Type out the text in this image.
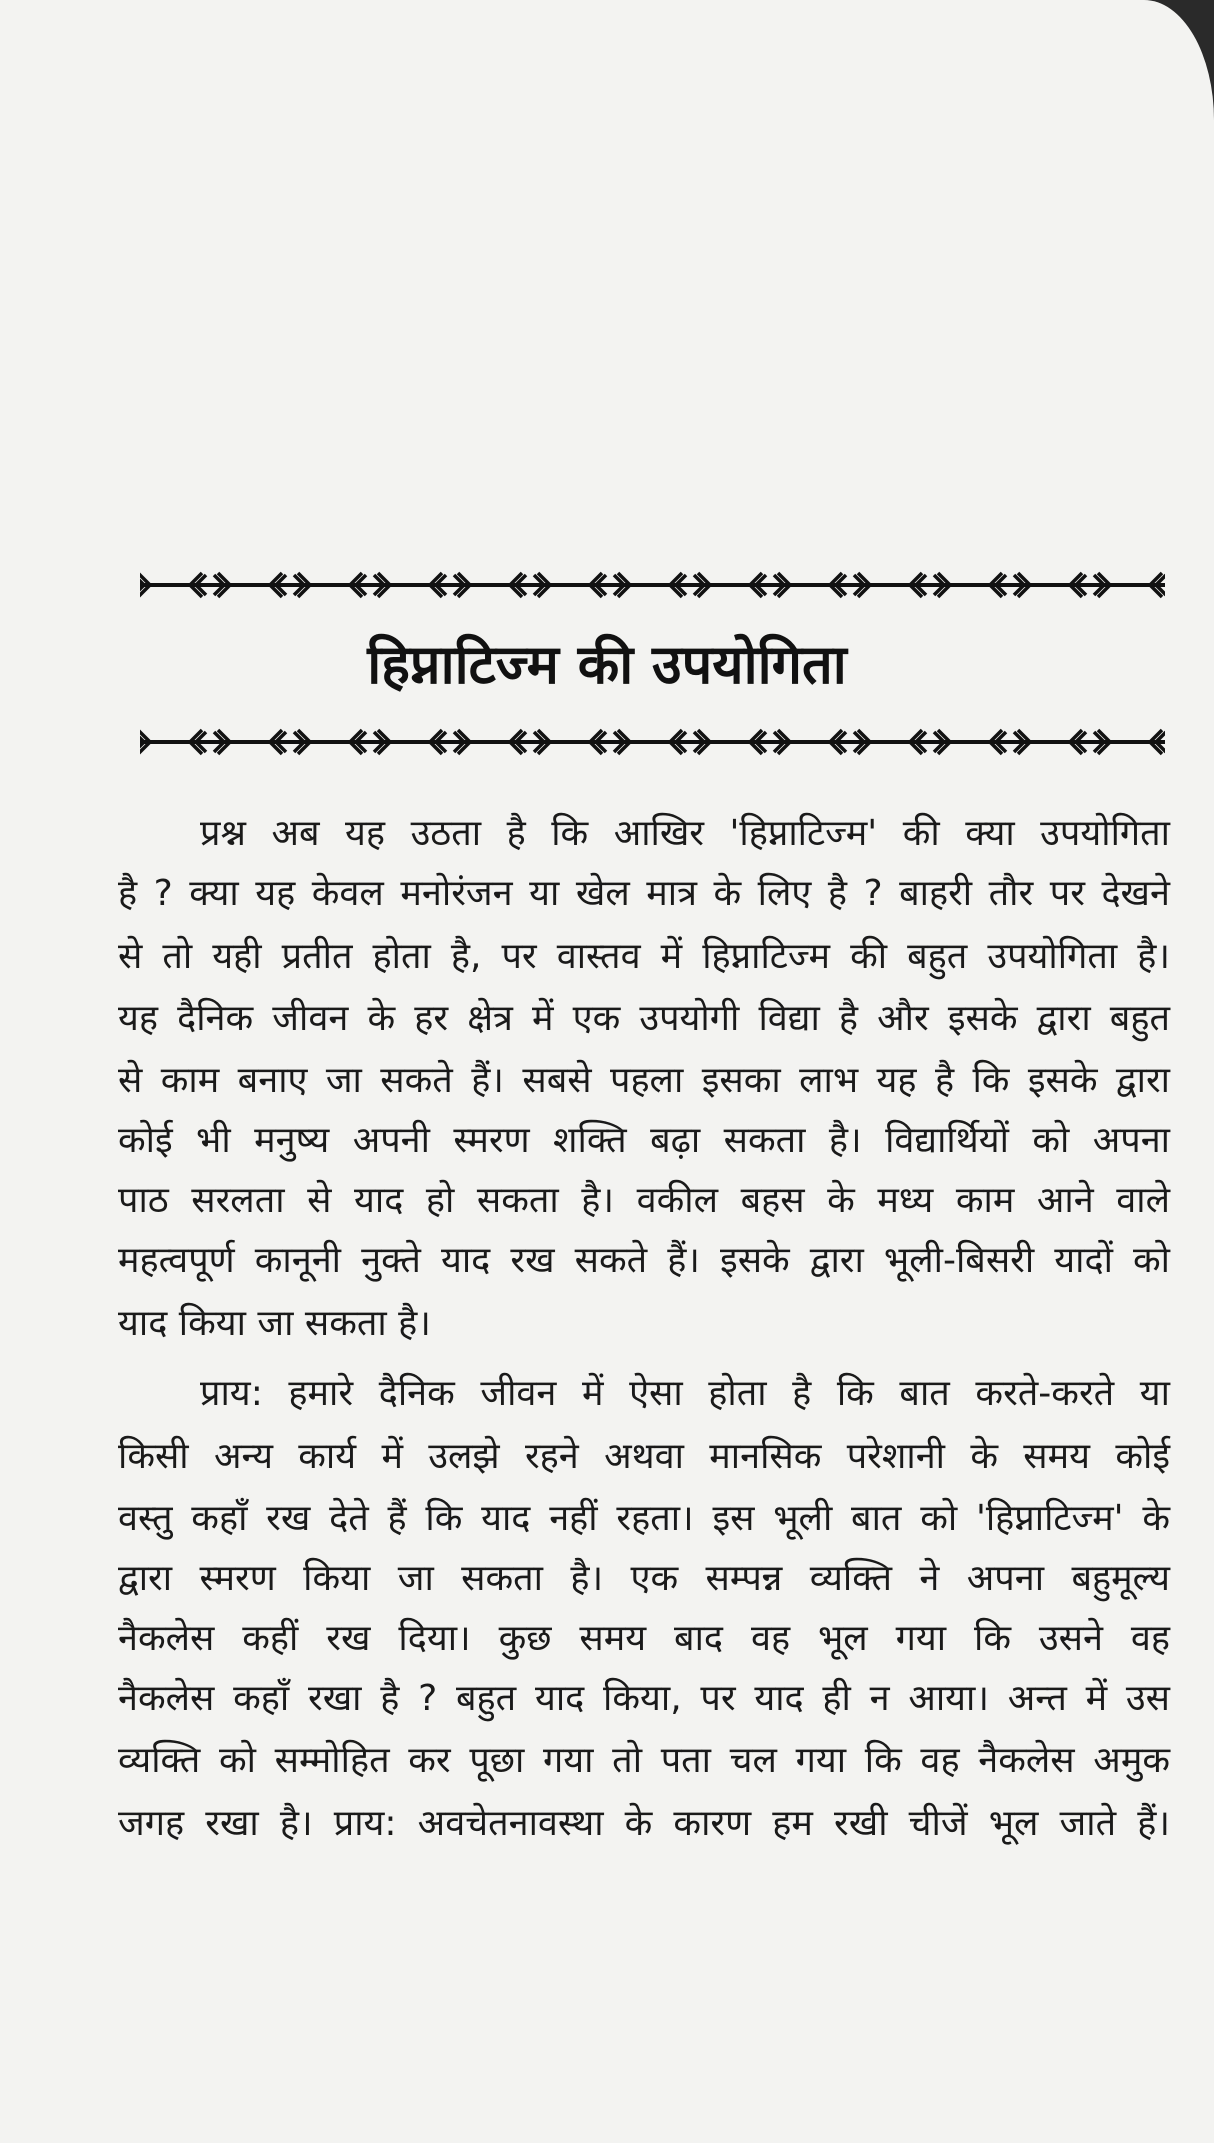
हिप्नाटिज्म की उपयोगिता
प्रश्न अब यह उठता है कि आखिर 'हिप्नाटिज्म' की क्या उपयोगिता
है ? क्या यह केवल मनोरंजन या खेल मात्र के लिए है ? बाहरी तौर पर देखने
से तो यही प्रतीत होता है, पर वास्तव में हिप्नाटिज्म की बहुत उपयोगिता है।
यह दैनिक जीवन के हर क्षेत्र में एक उपयोगी विद्या है और इसके द्वारा बहुत
से काम बनाए जा सकते हैं। सबसे पहला इसका लाभ यह है कि इसके द्वारा
कोई भी मनुष्य अपनी स्मरण शक्ति बढ़ा सकता है। विद्यार्थियों को अपना
पाठ सरलता से याद हो सकता है। वकील बहस के मध्य काम आने वाले
महत्वपूर्ण कानूनी नुक्ते याद रख सकते हैं। इसके द्वारा भूली-बिसरी यादों को
याद किया जा सकता है।
प्राय: हमारे दैनिक जीवन में ऐसा होता है कि बात करते-करते या
किसी अन्य कार्य में उलझे रहने अथवा मानसिक परेशानी के समय कोई
वस्तु कहाँ रख देते हैं कि याद नहीं रहता। इस भूली बात को 'हिप्नाटिज्म' के
द्वारा स्मरण किया जा सकता है। एक सम्पन्न व्यक्ति ने अपना बहुमूल्य
नैकलेस कहीं रख दिया। कुछ समय बाद वह भूल गया कि उसने वह
नैकलेस कहाँ रखा है ? बहुत याद किया, पर याद ही न आया। अन्त में उस
व्यक्ति को सम्मोहित कर पूछा गया तो पता चल गया कि वह नैकलेस अमुक
जगह रखा है। प्राय: अवचेतनावस्था के कारण हम रखी चीजें भूल जाते हैं।
